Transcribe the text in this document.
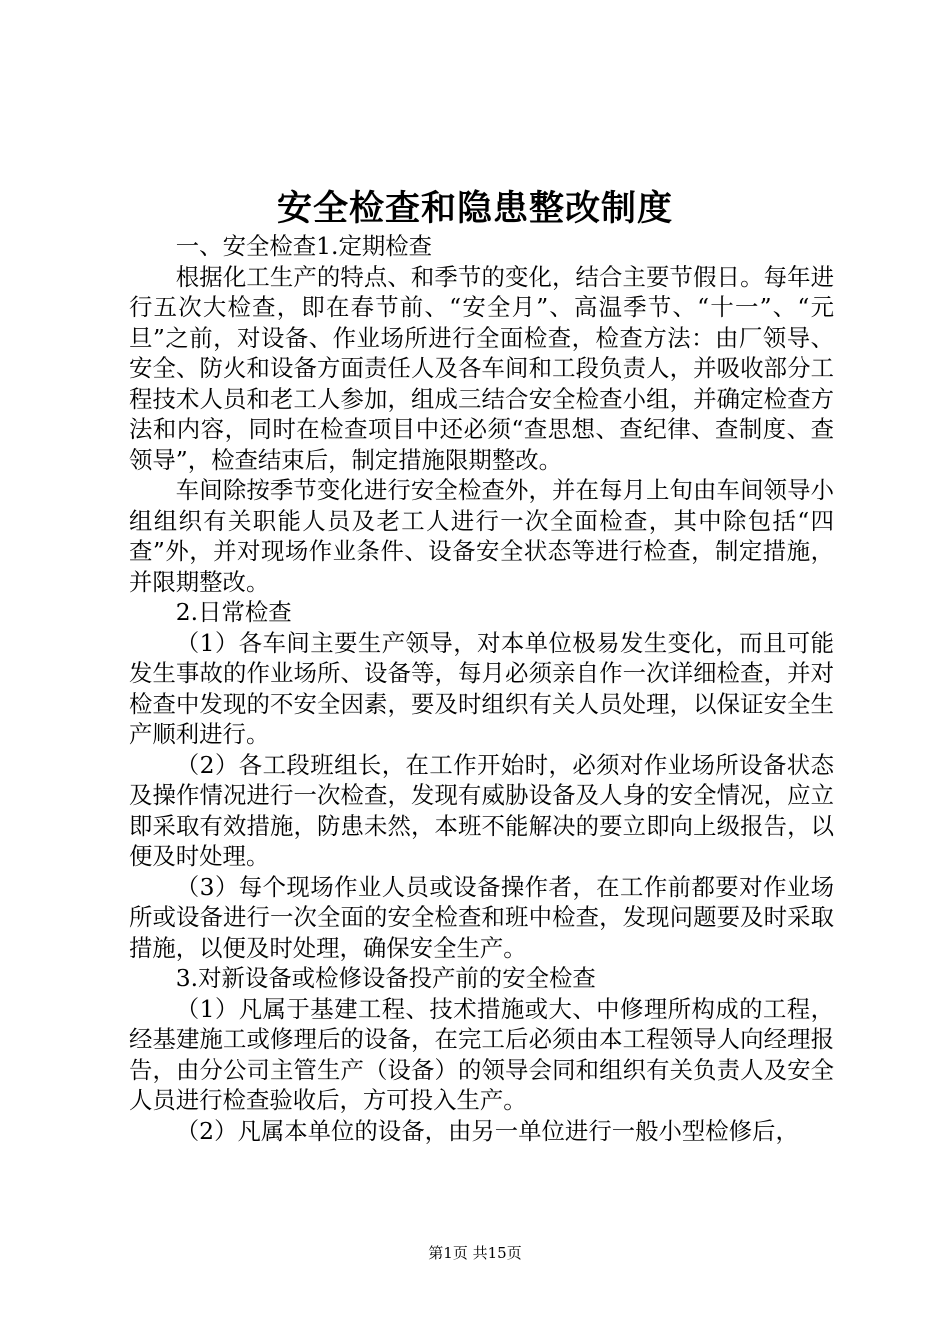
安全检查和隐患整改制度

一、安全检查1.定期检查

根据化工生产的特点、和季节的变化，结合主要节假日。每年进行五次大检查，即在春节前、“安全月”、高温季节、“十一”、“元旦”之前，对设备、作业场所进行全面检查，检查方法：由厂领导、安全、防火和设备方面责任人及各车间和工段负责人，并吸收部分工程技术人员和老工人参加，组成三结合安全检查小组，并确定检查方法和内容，同时在检查项目中还必须“查思想、查纪律、查制度、查领导”，检查结束后，制定措施限期整改。

车间除按季节变化进行安全检查外，并在每月上旬由车间领导小组组织有关职能人员及老工人进行一次全面检查，其中除包括“四查”外，并对现场作业条件、设备安全状态等进行检查，制定措施，并限期整改。

2.日常检查

（1）各车间主要生产领导，对本单位极易发生变化，而且可能发生事故的作业场所、设备等，每月必须亲自作一次详细检查，并对检查中发现的不安全因素，要及时组织有关人员处理，以保证安全生产顺利进行。

（2）各工段班组长，在工作开始时，必须对作业场所设备状态及操作情况进行一次检查，发现有威胁设备及人身的安全情况，应立即采取有效措施，防患未然，本班不能解决的要立即向上级报告，以便及时处理。

（3）每个现场作业人员或设备操作者，在工作前都要对作业场所或设备进行一次全面的安全检查和班中检查，发现问题要及时采取措施，以便及时处理，确保安全生产。

3.对新设备或检修设备投产前的安全检查

（1）凡属于基建工程、技术措施或大、中修理所构成的工程，经基建施工或修理后的设备，在完工后必须由本工程领导人向经理报告，由分公司主管生产（设备）的领导会同和组织有关负责人及安全人员进行检查验收后，方可投入生产。

（2）凡属本单位的设备，由另一单位进行一般小型检修后，

第1页 共15页
